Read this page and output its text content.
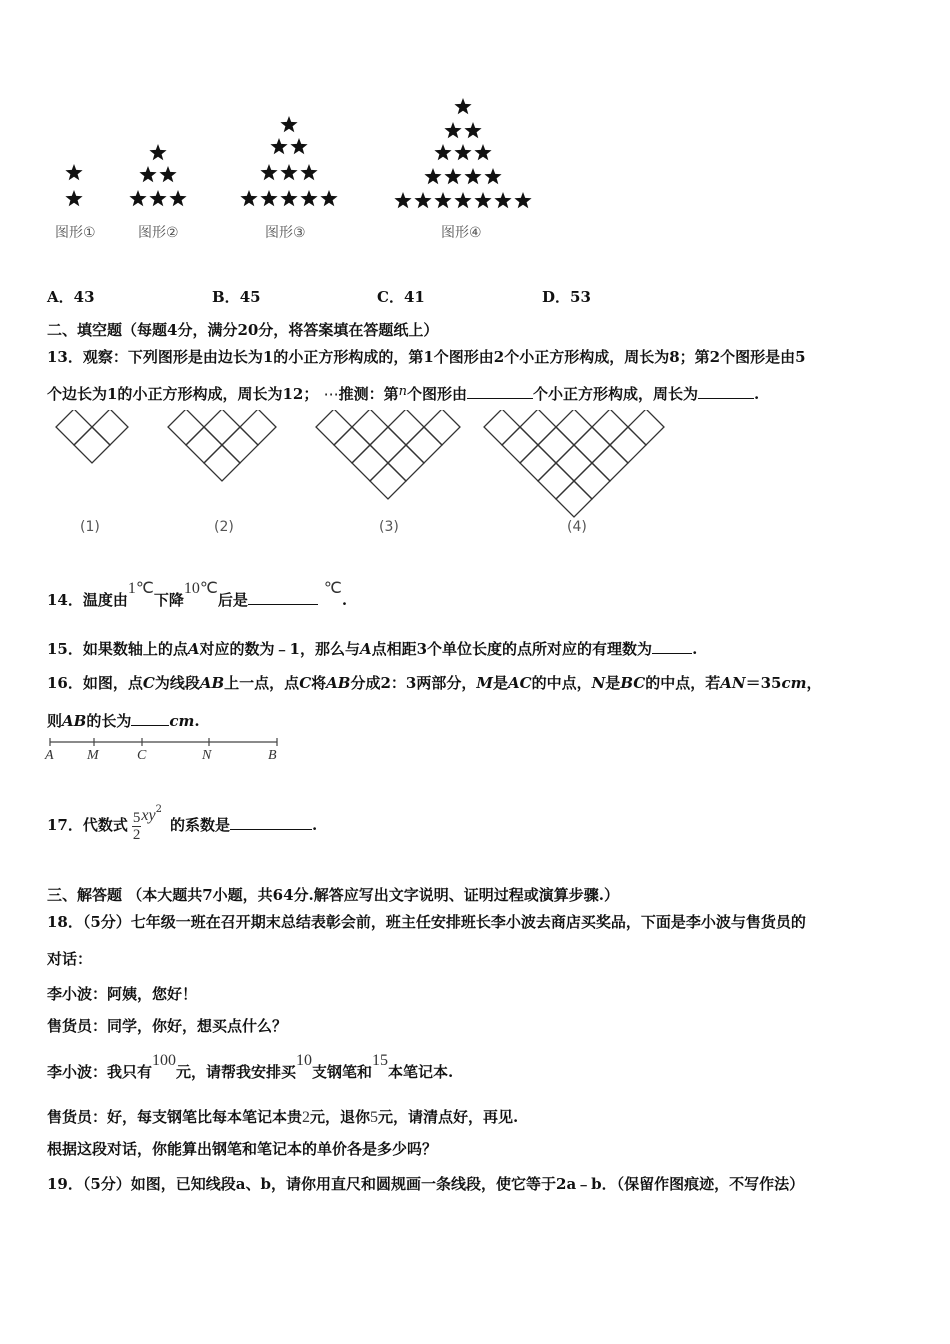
图形①	图形②	图形③	图形④
A．43	B．45	C．41	D．53
二、填空题（每题4分，满分20分，将答案填在答题纸上）
13．观察：下列图形是由边长为1的小正方形构成的，第1个图形由2个小正方形构成，周长为8；第2个图形是由5
个边长为1的小正方形构成，周长为12； ⋯推测：第n个图形由	个小正方形构成，周长为	.
(1)	(2)	(3)	(4)
14．温度由1℃下降10℃后是℃.
15．如果数轴上的点A对应的数为﹣1，那么与A点相距3个单位长度的点所对应的有理数为	.
16．如图，点C为线段AB上一点，点C将AB分成2：3两部分，M是AC的中点，N是BC的中点，若AN＝35cm，
则AB的长为	cm.
A M	C	N	B
17．代数式 $\frac{5}{2} xy^2$的系数是	.
三、解答题 （本大题共7小题，共64分.解答应写出文字说明、证明过程或演算步骤.）
18．（5分）七年级一班在召开期末总结表彰会前，班主任安排班长李小波去商店买奖品，下面是李小波与售货员的
对话：
李小波：阿姨，您好！
售货员：同学，你好，想买点什么？
李小波：我只有100元，请帮我安排买10支钢笔和15本笔记本.
售货员：好，每支钢笔比每本笔记本贵2元，退你5元，请清点好，再见.
根据这段对话，你能算出钢笔和笔记本的单价各是多少吗？
19．（5分）如图，已知线段a、b，请你用直尺和圆规画一条线段，使它等于2a﹣b．（保留作图痕迹，不写作法）
